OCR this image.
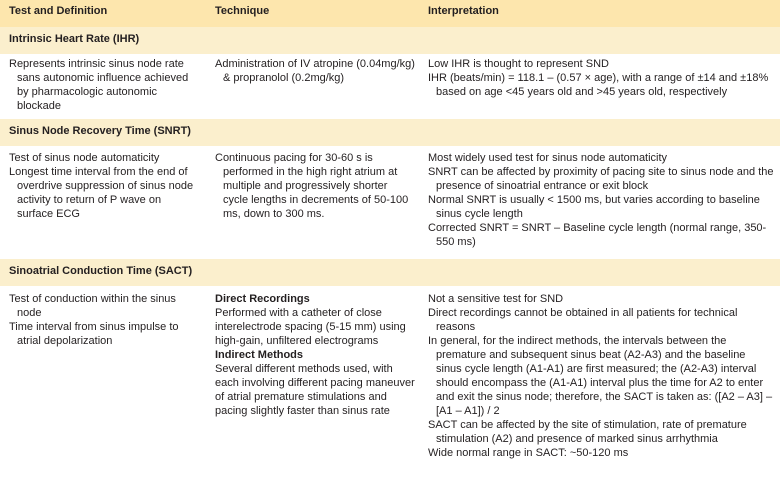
Test and Definition	Technique	Interpretation
Intrinsic Heart Rate (IHR)

Represents intrinsic sinus node rate sans autonomic influence achieved by pharmacologic autonomic blockade

Administration of IV atropine (0.04mg/kg) & propranolol (0.2mg/kg)

Low IHR is thought to represent SND

IHR (beats/min) = 118.1 – (0.57 × age), with a range of ±14 and ±18% based on age <45 years old and >45 years old, respectively

Sinus Node Recovery Time (SNRT)

Test of sinus node automaticity

Longest time interval from the end of overdrive suppression of sinus node activity to return of P wave on surface ECG

Continuous pacing for 30-60 s is performed in the high right atrium at multiple and progressively shorter cycle lengths in decrements of 50-100 ms, down to 300 ms.

Most widely used test for sinus node automaticity

SNRT can be affected by proximity of pacing site to sinus node and the presence of sinoatrial entrance or exit block

Normal SNRT is usually < 1500 ms, but varies according to baseline sinus cycle length

Corrected SNRT = SNRT – Baseline cycle length (normal range, 350-550 ms)

Sinoatrial Conduction Time (SACT)

Test of conduction within the sinus node

Time interval from sinus impulse to atrial depolarization

Direct Recordings

Performed with a catheter of close interelectrode spacing (5-15 mm) using high-gain, unfiltered electrograms

Indirect Methods

Several different methods used, with each involving different pacing maneuver of atrial premature stimulations and pacing slightly faster than sinus rate

Not a sensitive test for SND

Direct recordings cannot be obtained in all patients for technical reasons

In general, for the indirect methods, the intervals between the premature and subsequent sinus beat (A2-A3) and the baseline sinus cycle length (A1-A1) are first measured; the (A2-A3) interval should encompass the (A1-A1) interval plus the time for A2 to enter and exit the sinus node; therefore, the SACT is taken as: ([A2 – A3] – [A1 – A1]) / 2

SACT can be affected by the site of stimulation, rate of premature stimulation (A2) and presence of marked sinus arrhythmia

Wide normal range in SACT: ~50-120 ms
